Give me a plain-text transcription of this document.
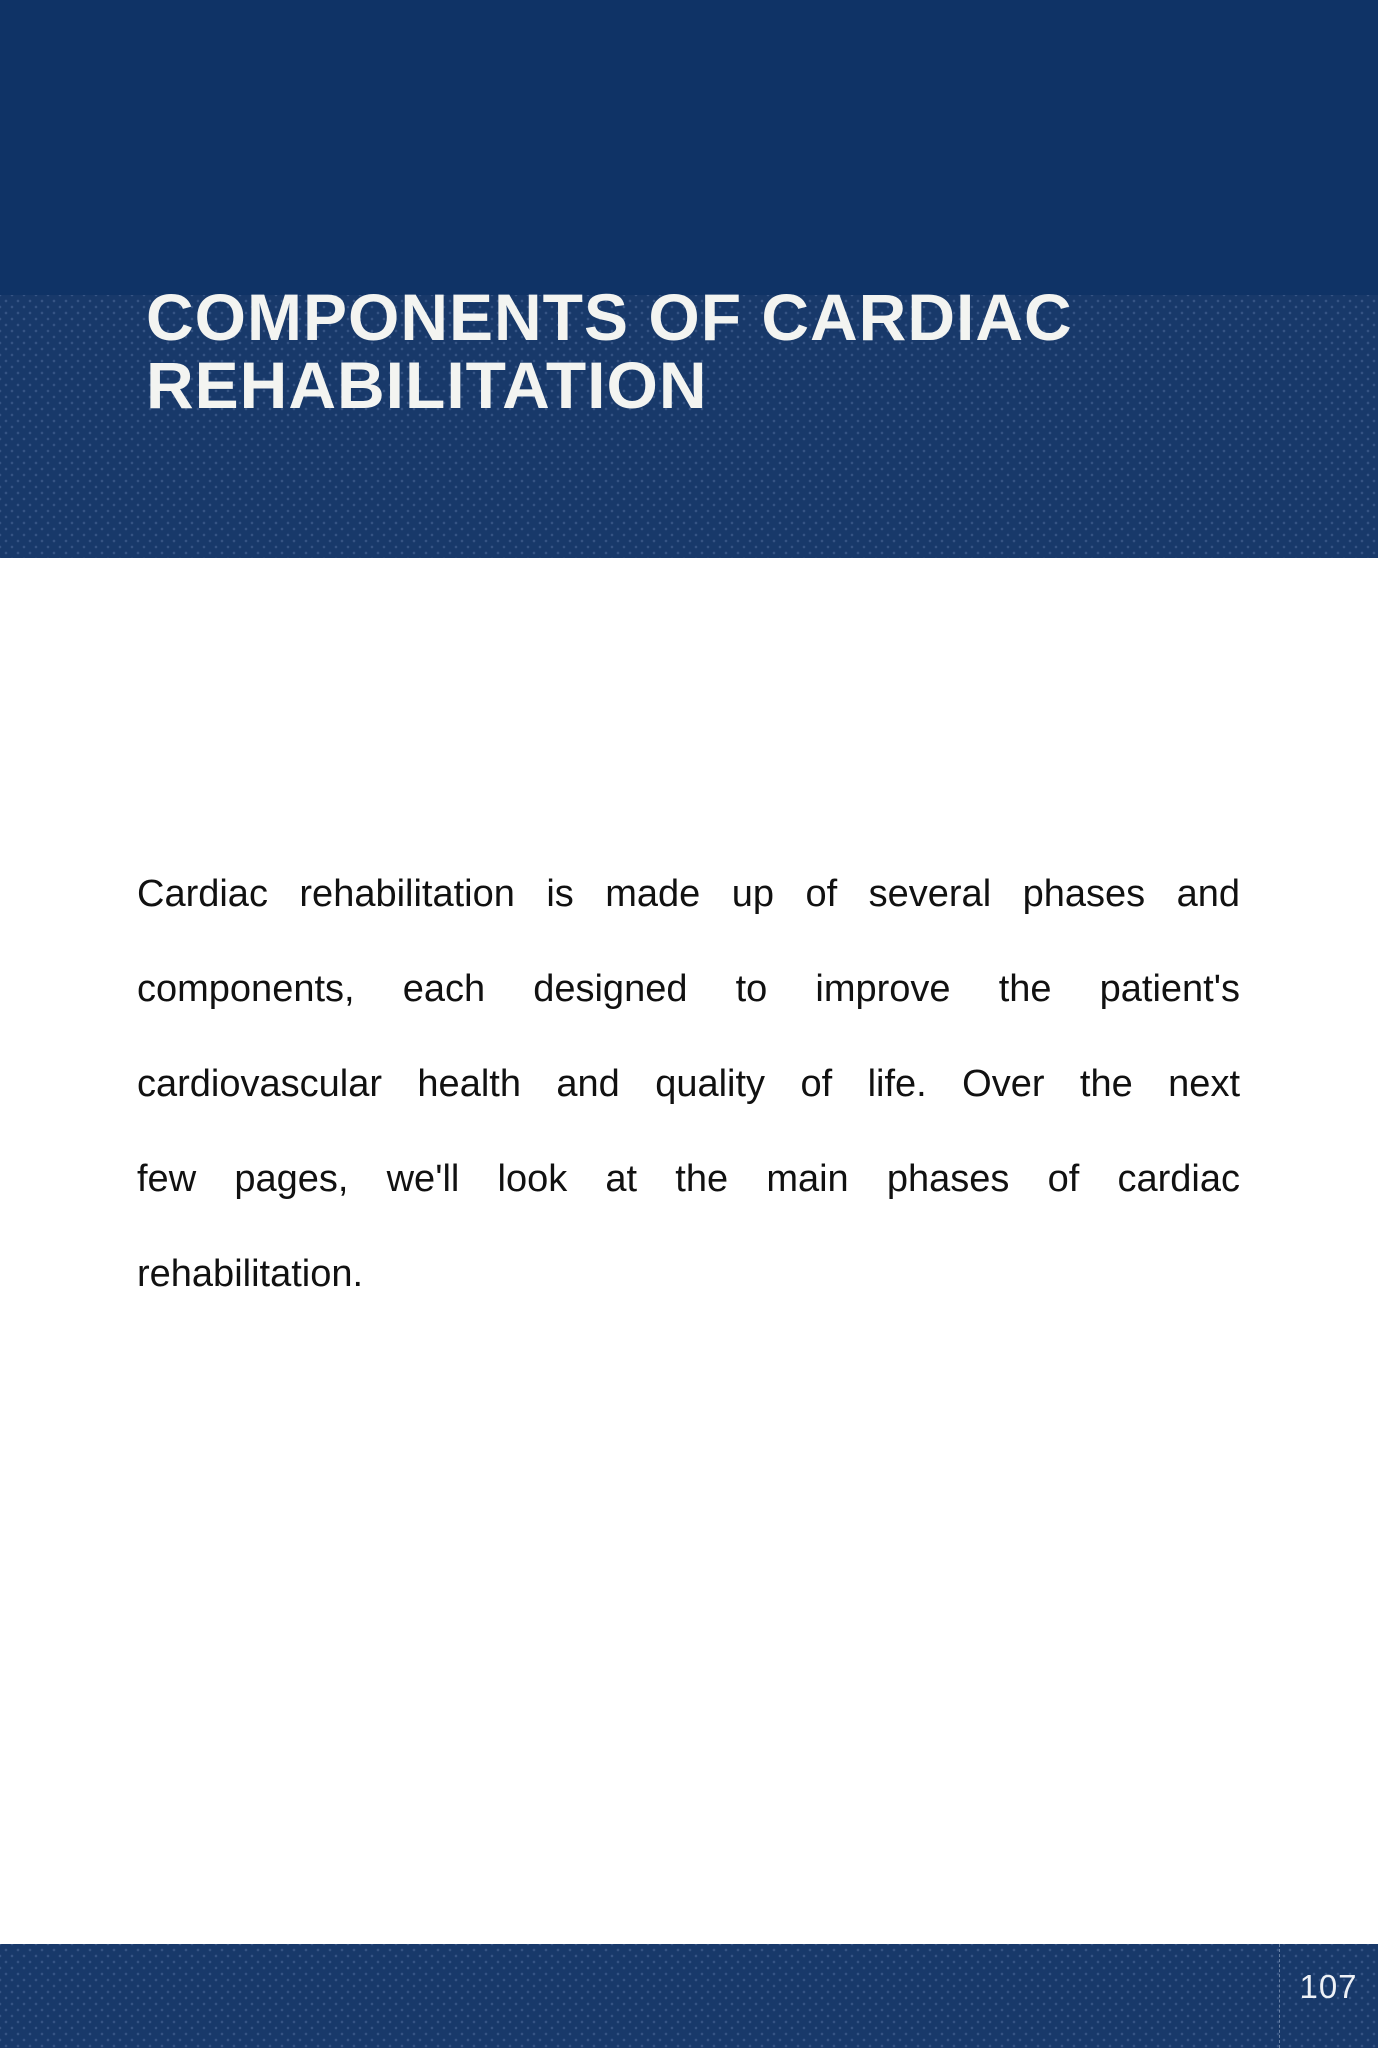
COMPONENTS OF CARDIAC
REHABILITATION
Cardiac rehabilitation is made up of several phases and
components, each designed to improve the patient's
cardiovascular health and quality of life. Over the next
few pages, we'll look at the main phases of cardiac
rehabilitation.
107
